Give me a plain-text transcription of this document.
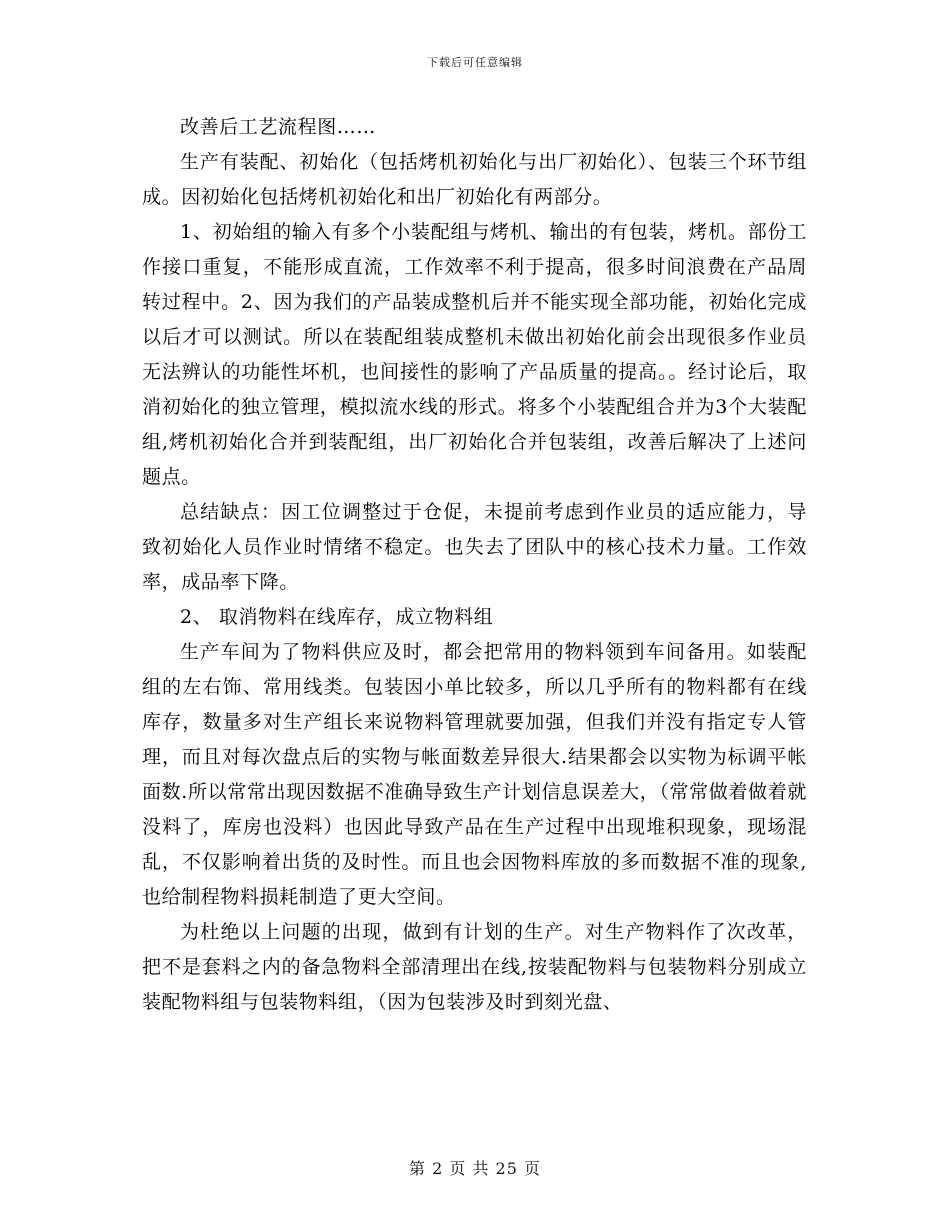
下载后可任意编辑

改善后工艺流程图……

生产有装配、初始化（包括烤机初始化与出厂初始化）、包装三个环节组成。因初始化包括烤机初始化和出厂初始化有两部分。

1、初始组的输入有多个小装配组与烤机、输出的有包装，烤机。部份工作接口重复，不能形成直流，工作效率不利于提高，很多时间浪费在产品周转过程中。2、因为我们的产品装成整机后并不能实现全部功能，初始化完成以后才可以测试。所以在装配组装成整机未做出初始化前会出现很多作业员无法辨认的功能性坏机，也间接性的影响了产品质量的提高。。经讨论后，取消初始化的独立管理，模拟流水线的形式。将多个小装配组合并为3个大装配组,烤机初始化合并到装配组，出厂初始化合并包装组，改善后解决了上述问题点。

总结缺点：因工位调整过于仓促，未提前考虑到作业员的适应能力，导致初始化人员作业时情绪不稳定。也失去了团队中的核心技术力量。工作效率，成品率下降。

2、 取消物料在线库存，成立物料组

生产车间为了物料供应及时，都会把常用的物料领到车间备用。如装配组的左右饰、常用线类。包装因小单比较多，所以几乎所有的物料都有在线库存，数量多对生产组长来说物料管理就要加强，但我们并没有指定专人管理，而且对每次盘点后的实物与帐面数差异很大.结果都会以实物为标调平帐面数.所以常常出现因数据不准确导致生产计划信息误差大，（常常做着做着就没料了，库房也没料）也因此导致产品在生产过程中出现堆积现象，现场混乱，不仅影响着出货的及时性。而且也会因物料库放的多而数据不准的现象,也给制程物料损耗制造了更大空间。

为杜绝以上问题的出现，做到有计划的生产。对生产物料作了次改革，把不是套料之内的备急物料全部清理出在线,按装配物料与包装物料分别成立装配物料组与包装物料组，（因为包装涉及时到刻光盘、

第 2 页 共 25 页
